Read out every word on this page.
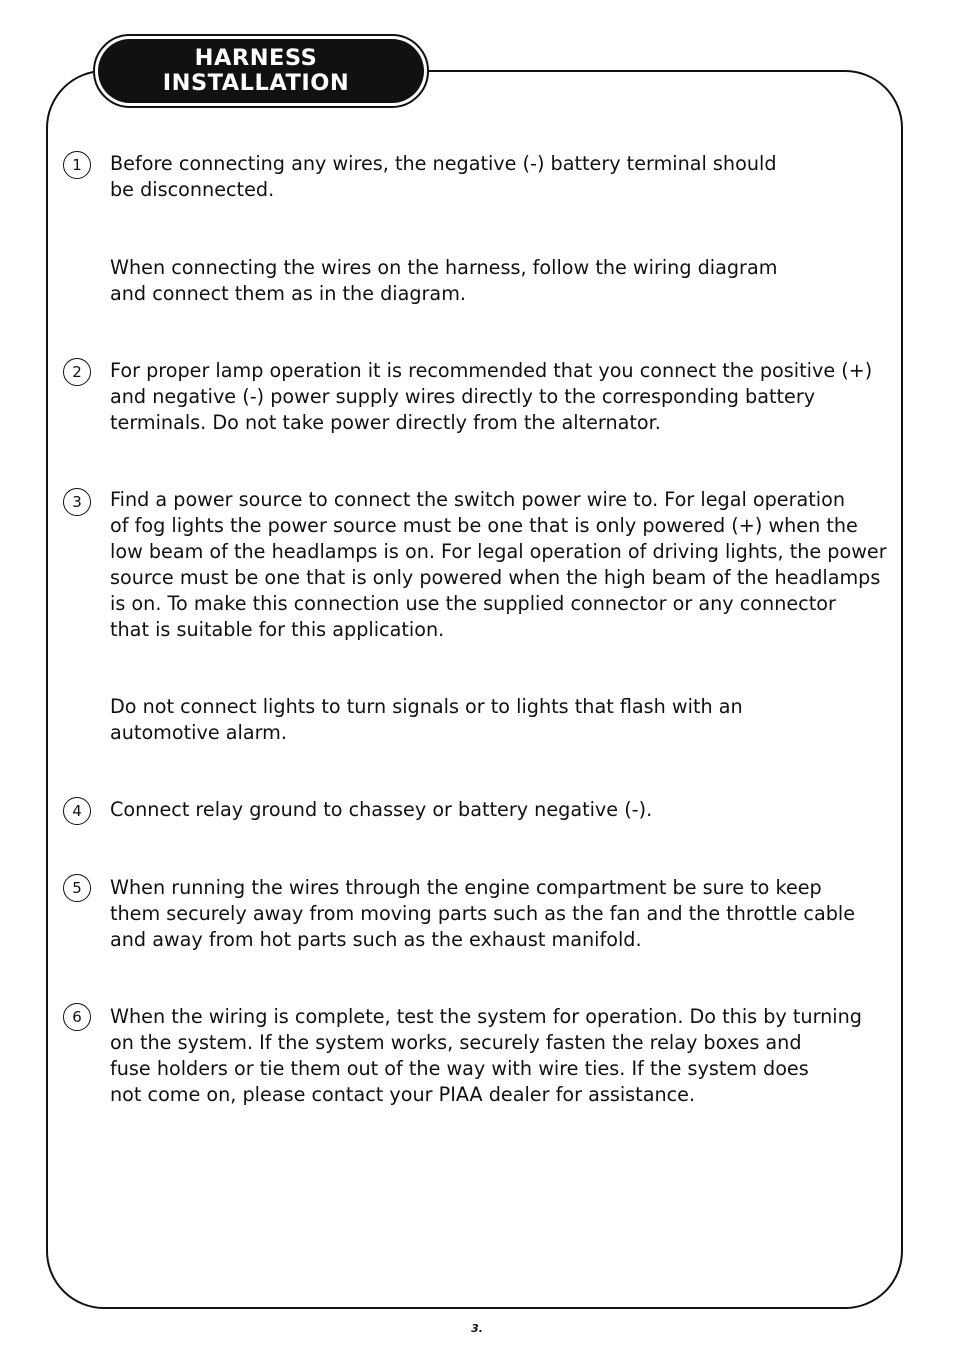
HARNESS
INSTALLATION
1	Before connecting any wires, the negative (-) battery terminal should
be disconnected.
When connecting the wires on the harness, follow the wiring diagram
and connect them as in the diagram.
2	For proper lamp operation it is recommended that you connect the positive (+)
and negative (-) power supply wires directly to the corresponding battery
terminals. Do not take power directly from the alternator.
3	Find a power source to connect the switch power wire to. For legal operation
of fog lights the power source must be one that is only powered (+) when the
low beam of the headlamps is on. For legal operation of driving lights, the power
source must be one that is only powered when the high beam of the headlamps
is on. To make this connection use the supplied connector or any connector
that is suitable for this application.
Do not connect lights to turn signals or to lights that flash with an
automotive alarm.
4	Connect relay ground to chassey or battery negative (-).
5	When running the wires through the engine compartment be sure to keep
them securely away from moving parts such as the fan and the throttle cable
and away from hot parts such as the exhaust manifold.
6	When the wiring is complete, test the system for operation. Do this by turning
on the system. If the system works, securely fasten the relay boxes and
fuse holders or tie them out of the way with wire ties. If the system does
not come on, please contact your PIAA dealer for assistance.
3.
